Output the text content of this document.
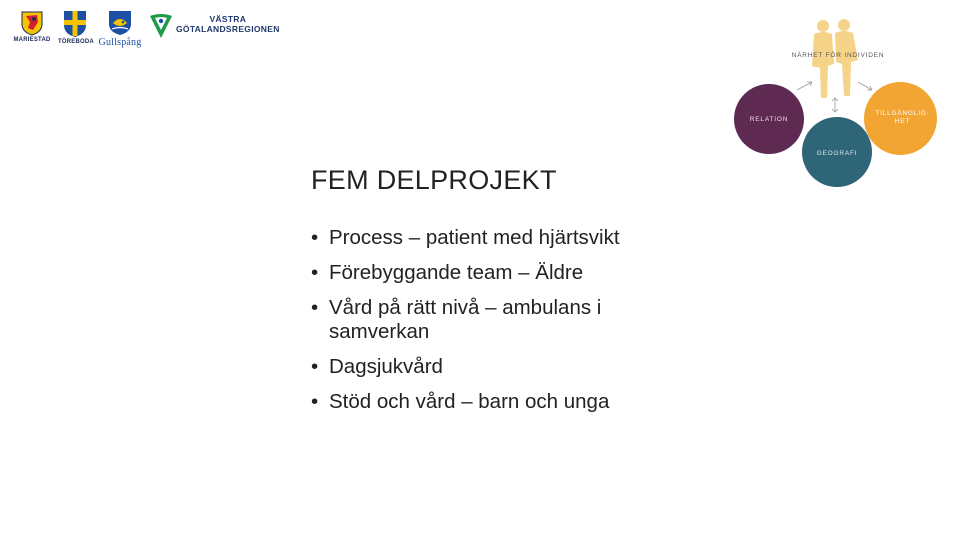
MARIESTAD TÖREBODA Gullspång
VÄSTRA
GÖTALANDSREGIONEN
NÄRHET FÖR INDIVIDEN
RELATION
TILLGÄNGLIG-
HET
GEOGRAFI
FEM DELPROJEKT
• Process – patient med hjärtsvikt
• Förebyggande team – Äldre
• Vård på rätt nivå – ambulans i samverkan
• Dagsjukvård
• Stöd och vård – barn och unga
